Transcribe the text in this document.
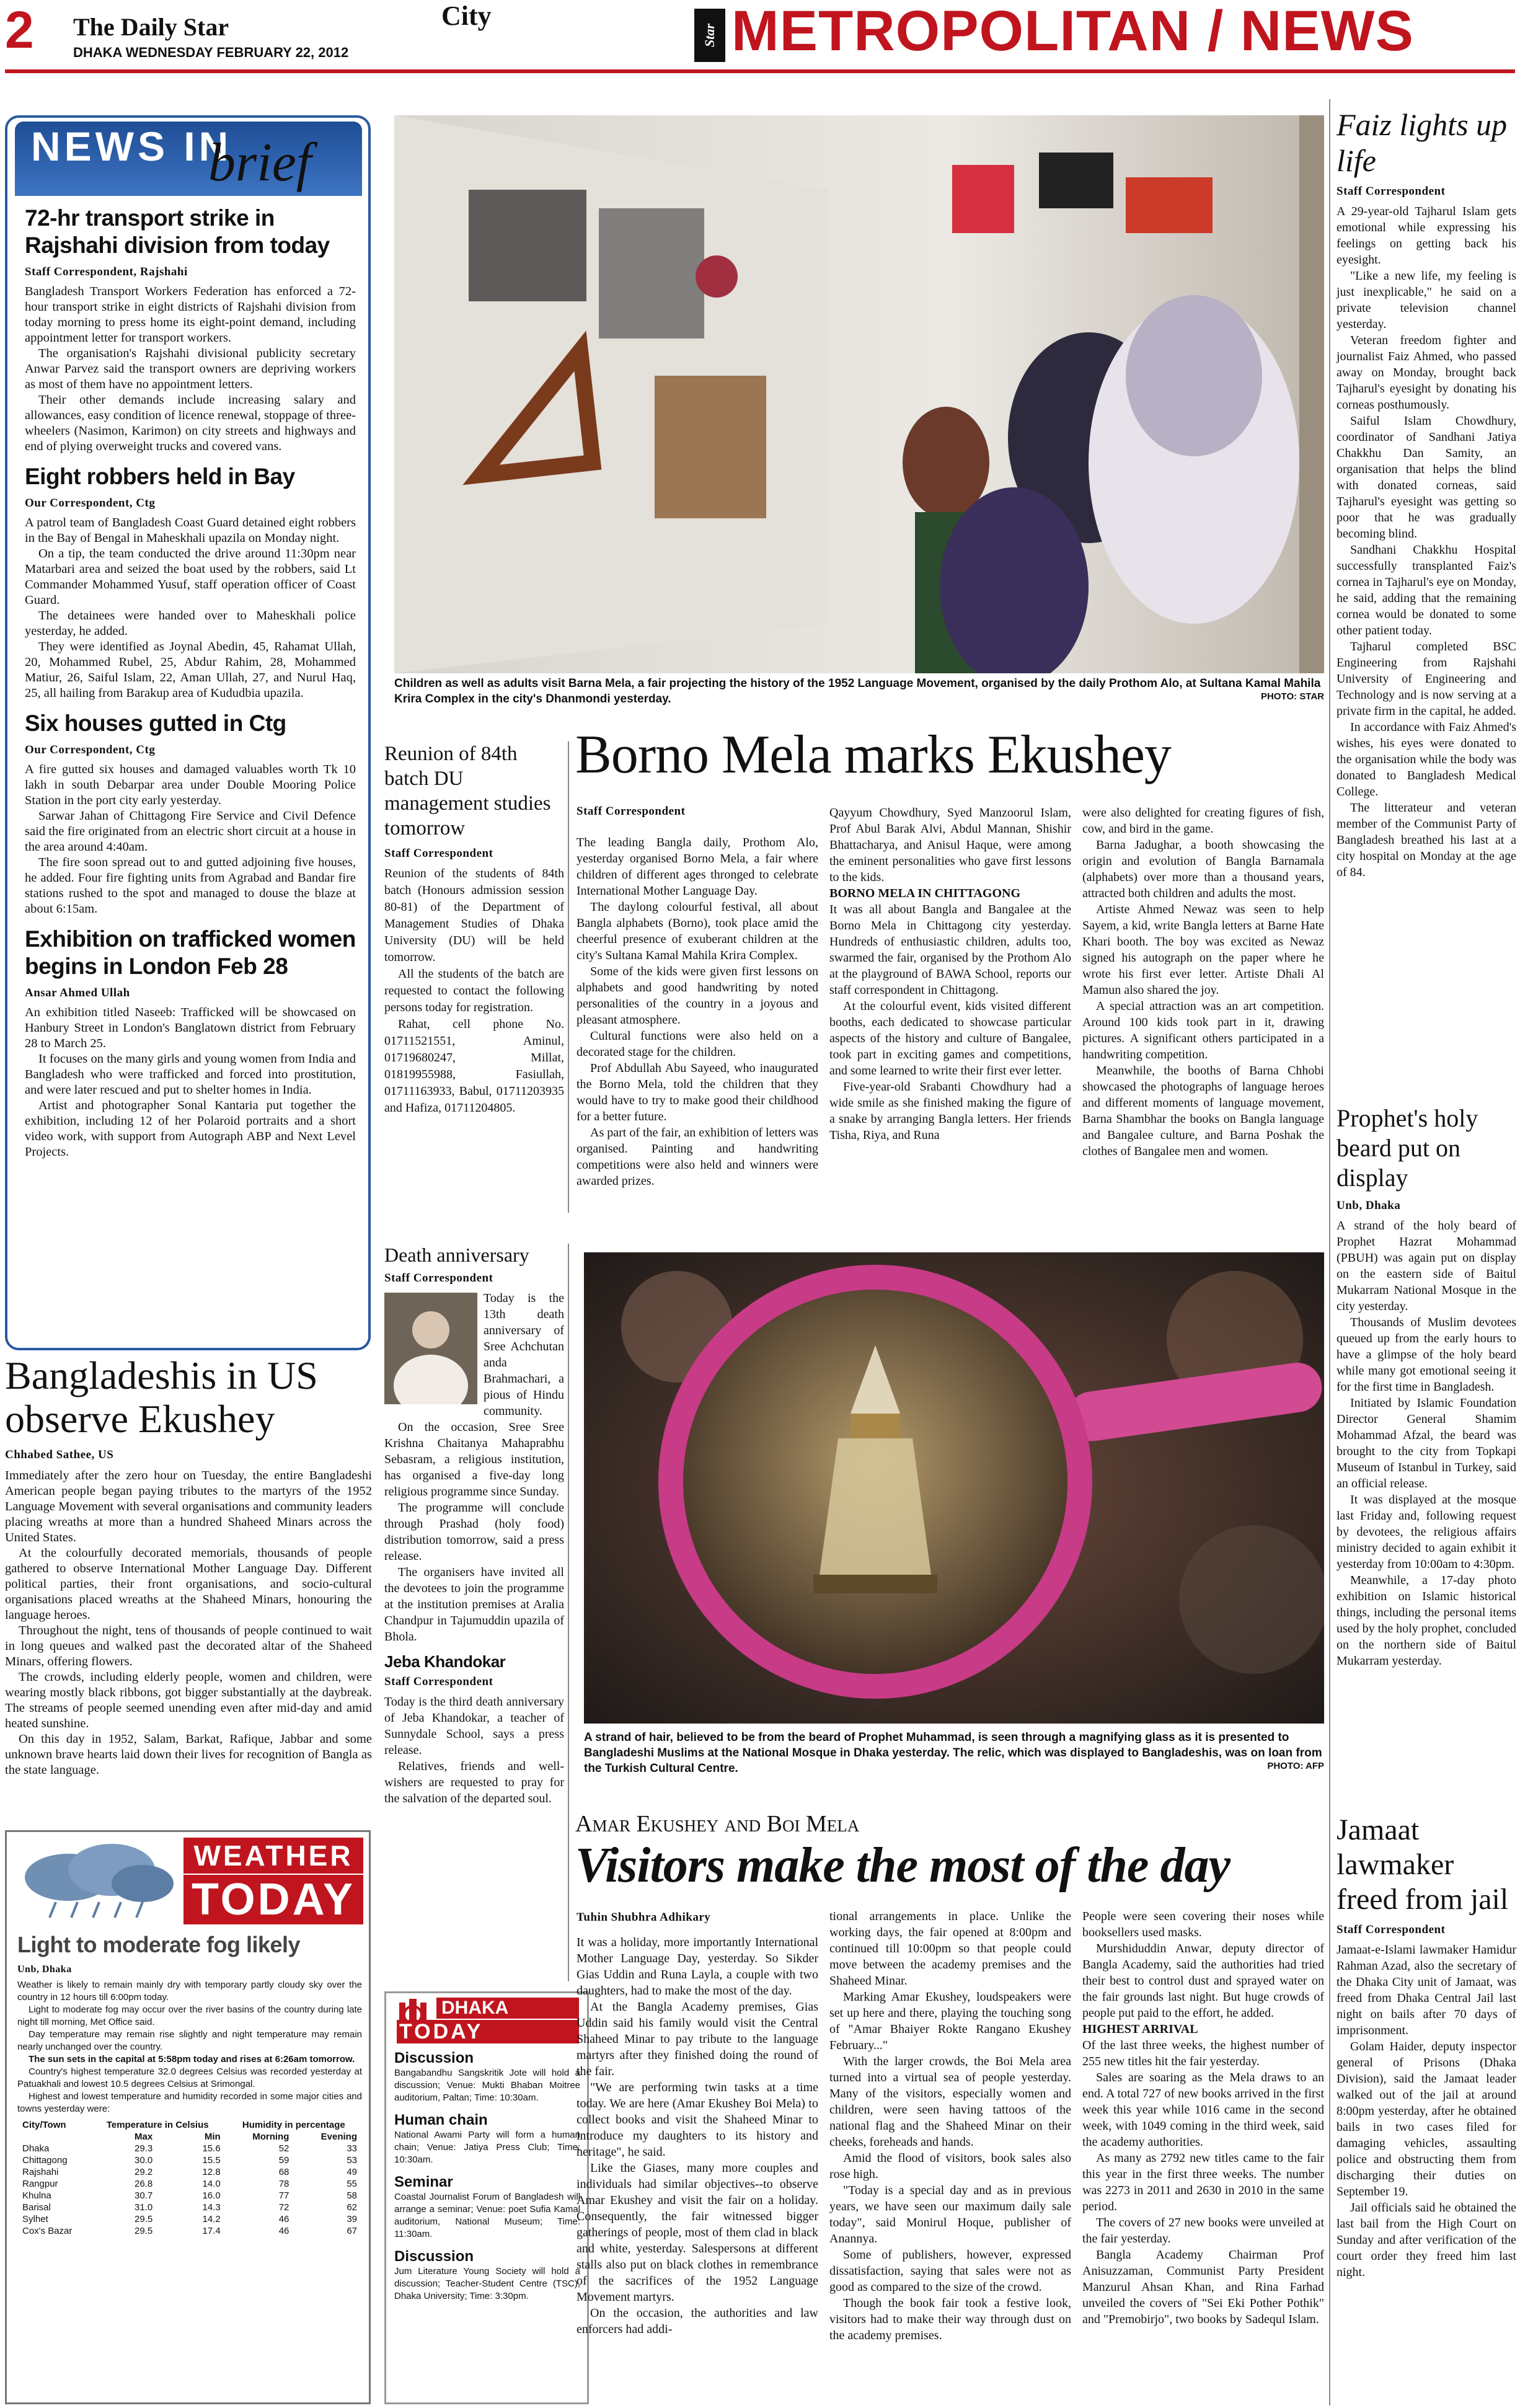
2 The Daily Star
DHAKA WEDNESDAY FEBRUARY 22, 2012
City
Star METROPOLITAN / NEWS
NEWS IN
brief
72-hr transport strike in Rajshahi division from today
Staff Correspondent, Rajshahi

Bangladesh Transport Workers Federation has enforced a 72-hour transport strike in eight districts of Rajshahi division from today morning to press home its eight-point demand, including appointment letter for transport workers.

The organisation's Rajshahi divisional publicity secretary Anwar Parvez said the transport owners are depriving workers as most of them have no appointment letters.

Their other demands include increasing salary and allowances, easy condition of licence renewal, stoppage of three-wheelers (Nasimon, Karimon) on city streets and highways and end of plying overweight trucks and covered vans.

Eight robbers held in Bay
Our Correspondent, Ctg

A patrol team of Bangladesh Coast Guard detained eight robbers in the Bay of Bengal in Maheskhali upazila on Monday night.

On a tip, the team conducted the drive around 11:30pm near Matarbari area and seized the boat used by the robbers, said Lt Commander Mohammed Yusuf, staff operation officer of Coast Guard.

The detainees were handed over to Maheskhali police yesterday, he added.

They were identified as Joynal Abedin, 45, Rahamat Ullah, 20, Mohammed Rubel, 25, Abdur Rahim, 28, Mohammed Matiur, 26, Saiful Islam, 22, Aman Ullah, 27, and Nurul Haq, 25, all hailing from Barakup area of Kududbia upazila.

Six houses gutted in Ctg
Our Correspondent, Ctg

A fire gutted six houses and damaged valuables worth Tk 10 lakh in south Debarpar area under Double Mooring Police Station in the port city early yesterday.

Sarwar Jahan of Chittagong Fire Service and Civil Defence said the fire originated from an electric short circuit at a house in the area around 4:40am.

The fire soon spread out to and gutted adjoining five houses, he added. Four fire fighting units from Agrabad and Bandar fire stations rushed to the spot and managed to douse the blaze at about 6:15am.

Exhibition on trafficked women begins in London Feb 28
Ansar Ahmed Ullah

An exhibition titled Naseeb: Trafficked will be showcased on Hanbury Street in London's Banglatown district from February 28 to March 25.

It focuses on the many girls and young women from India and Bangladesh who were trafficked and forced into prostitution, and were later rescued and put to shelter homes in India.

Artist and photographer Sonal Kantaria put together the exhibition, including 12 of her Polaroid portraits and a short video work, with support from Autograph ABP and Next Level Projects.

Bangladeshis in US observe Ekushey
Chhabed Sathee, US

Immediately after the zero hour on Tuesday, the entire Bangladeshi American people began paying tributes to the martyrs of the 1952 Language Movement with several organisations and community leaders placing wreaths at more than a hundred Shaheed Minars across the United States.

At the colourfully decorated memorials, thousands of people gathered to observe International Mother Language Day. Different political parties, their front organisations, and socio-cultural organisations placed wreaths at the Shaheed Minars, honouring the language heroes.

Throughout the night, tens of thousands of people continued to wait in long queues and walked past the decorated altar of the Shaheed Minars, offering flowers.

The crowds, including elderly people, women and children, were wearing mostly black ribbons, got bigger substantially at the daybreak. The streams of people seemed unending even after mid-day and amid heated sunshine.

On this day in 1952, Salam, Barkat, Rafique, Jabbar and some unknown brave hearts laid down their lives for recognition of Bangla as the state language.

WEATHER
TODAY
Light to moderate fog likely
Unb, Dhaka

Weather is likely to remain mainly dry with temporary partly cloudy sky over the country in 12 hours till 6:00pm today.

Light to moderate fog may occur over the river basins of the country during late night till morning, Met Office said.

Day temperature may remain rise slightly and night temperature may remain nearly unchanged over the country.

The sun sets in the capital at 5:58pm today and rises at 6:26am tomorrow.

Country's highest temperature 32.0 degrees Celsius was recorded yesterday at Patuakhali and lowest 10.5 degrees Celsius at Srimongal.

Highest and lowest temperature and humidity recorded in some major cities and towns yesterday were:

City/Town	Temperature in Celsius		Humidity in percentage	
	Max	Min	Morning	Evening
Dhaka	29.3	15.6	52	33
Chittagong	30.0	15.5	59	53
Rajshahi	29.2	12.8	68	49
Rangpur	26.8	14.0	78	55
Khulna	30.7	16.0	77	58
Barisal	31.0	14.3	72	62
Sylhet	29.5	14.2	46	39
Cox's Bazar	29.5	17.4	46	67
Children as well as adults visit Barna Mela, a fair projecting the history of the 1952 Language Movement, organised by the daily Prothom Alo, at Sultana Kamal Mahila Krira Complex in the city's Dhanmondi yesterday.	PHOTO: STAR
Reunion of 84th batch DU management studies tomorrow
Staff Correspondent

Reunion of the students of 84th batch (Honours admission session 80-81) of the Department of Management Studies of Dhaka University (DU) will be held tomorrow.

All the students of the batch are requested to contact the following persons today for registration.

Rahat, cell phone No. 01711521551, Aminul, 01719680247, Millat, 01819955988, Fasiullah, 01711163933, Babul, 01711203935 and Hafiza, 01711204805.

Borno Mela marks Ekushey
Staff Correspondent

The leading Bangla daily, Prothom Alo, yesterday organised Borno Mela, a fair where children of different ages thronged to celebrate International Mother Language Day.

The daylong colourful festival, all about Bangla alphabets (Borno), took place amid the cheerful presence of exuberant children at the city's Sultana Kamal Mahila Krira Complex.

Some of the kids were given first lessons on alphabets and good handwriting by noted personalities of the country in a joyous and pleasant atmosphere.

Cultural functions were also held on a decorated stage for the children.

Prof Abdullah Abu Sayeed, who inaugurated the Borno Mela, told the children that they would have to try to make good their childhood for a better future.

As part of the fair, an exhibition of letters was organised. Painting and handwriting competitions were also held and winners were awarded prizes.

Qayyum Chowdhury, Syed Manzoorul Islam, Prof Abul Barak Alvi, Abdul Mannan, Shishir Bhattacharya, and Anisul Haque, were among the eminent personalities who gave first lessons to the kids.

BORNO MELA IN CHITTAGONG

It was all about Bangla and Bangalee at the Borno Mela in Chittagong city yesterday. Hundreds of enthusiastic children, adults too, swarmed the fair, organised by the Prothom Alo at the playground of BAWA School, reports our staff correspondent in Chittagong.

At the colourful event, kids visited different booths, each dedicated to showcase particular aspects of the history and culture of Bangalee, took part in exciting games and competitions, and some learned to write their first ever letter.

Five-year-old Srabanti Chowdhury had a wide smile as she finished making the figure of a snake by arranging Bangla letters. Her friends Tisha, Riya, and Runa

were also delighted for creating figures of fish, cow, and bird in the game.

Barna Jadughar, a booth showcasing the origin and evolution of Bangla Barnamala (alphabets) over more than a thousand years, attracted both children and adults the most.

Artiste Ahmed Newaz was seen to help Sayem, a kid, write Bangla letters at Barne Hate Khari booth. The boy was excited as Newaz signed his autograph on the paper where he wrote his first ever letter. Artiste Dhali Al Mamun also shared the joy.

A special attraction was an art competition. Around 100 kids took part in it, drawing pictures. A significant others participated in a handwriting competition.

Meanwhile, the booths of Barna Chhobi showcased the photographs of language heroes and different moments of language movement, Barna Shambhar the books on Bangla language and Bangalee culture, and Barna Poshak the clothes of Bangalee men and women.

Death anniversary
Staff Correspondent

Today is the 13th death anniversary of Sree Achchutan anda Brahmachari, a pious of Hindu community.

On the occasion, Sree Sree Krishna Chaitanya Mahaprabhu Sebasram, a religious institution, has organised a five-day long religious programme since Sunday.

The programme will conclude through Prashad (holy food) distribution tomorrow, said a press release.

The organisers have invited all the devotees to join the programme at the institution premises at Aralia Chandpur in Tajumuddin upazila of Bhola.

Jeba Khandokar
Staff Correspondent

Today is the third death anniversary of Jeba Khandokar, a teacher of Sunnydale School, says a press release.

Relatives, friends and well-wishers are requested to pray for the salvation of the departed soul.

DHAKA
TODAY
Discussion
Bangabandhu Sangskritik Jote will hold a discussion; Venue: Mukti Bhaban Moitree auditorium, Paltan; Time: 10:30am.
Human chain
National Awami Party will form a human chain; Venue: Jatiya Press Club; Time: 10:30am.
Seminar
Coastal Journalist Forum of Bangladesh will arrange a seminar; Venue: poet Sufia Kamal auditorium, National Museum; Time: 11:30am.
Discussion
Jum Literature Young Society will hold a discussion; Teacher-Student Centre (TSC), Dhaka University; Time: 3:30pm.
A strand of hair, believed to be from the beard of Prophet Muhammad, is seen through a magnifying glass as it is presented to Bangladeshi Muslims at the National Mosque in Dhaka yesterday. The relic, which was displayed to Bangladeshis, was on loan from the Turkish Cultural Centre.	PHOTO: AFP
Amar Ekushey and Boi Mela
Visitors make the most of the day
Tuhin Shubhra Adhikary

It was a holiday, more importantly International Mother Language Day, yesterday. So Sikder Gias Uddin and Runa Layla, a couple with two daughters, had to make the most of the day.

At the Bangla Academy premises, Gias Uddin said his family would visit the Central Shaheed Minar to pay tribute to the language martyrs after they finished doing the round of the fair.

"We are performing twin tasks at a time today. We are here (Amar Ekushey Boi Mela) to collect books and visit the Shaheed Minar to introduce my daughters to its history and heritage", he said.

Like the Giases, many more couples and individuals had similar objectives--to observe Amar Ekushey and visit the fair on a holiday. Consequently, the fair witnessed bigger gatherings of people, most of them clad in black and white, yesterday. Salespersons at different stalls also put on black clothes in remembrance of the sacrifices of the 1952 Language Movement martyrs.

On the occasion, the authorities and law enforcers had addi-

tional arrangements in place. Unlike the working days, the fair opened at 8:00pm and continued till 10:00pm so that people could move between the academy premises and the Shaheed Minar.

Marking Amar Ekushey, loudspeakers were set up here and there, playing the touching song of "Amar Bhaiyer Rokte Rangano Ekushey February..."

With the larger crowds, the Boi Mela area turned into a virtual sea of people yesterday. Many of the visitors, especially women and children, were seen having tattoos of the national flag and the Shaheed Minar on their cheeks, foreheads and hands.

Amid the flood of visitors, book sales also rose high.

"Today is a special day and as in previous years, we have seen our maximum daily sale today", said Monirul Hoque, publisher of Anannya.

Some of publishers, however, expressed dissatisfaction, saying that sales were not as good as compared to the size of the crowd.

Though the book fair took a festive look, visitors had to make their way through dust on the academy premises.

People were seen covering their noses while booksellers used masks.

Murshiduddin Anwar, deputy director of Bangla Academy, said the authorities had tried their best to control dust and sprayed water on the fair grounds last night. But huge crowds of people put paid to the effort, he added.

HIGHEST ARRIVAL

Of the last three weeks, the highest number of 255 new titles hit the fair yesterday.

Sales are soaring as the Mela draws to an end. A total 727 of new books arrived in the first week this year while 1016 came in the second week, with 1049 coming in the third week, said the academy authorities.

As many as 2792 new titles came to the fair this year in the first three weeks. The number was 2273 in 2011 and 2630 in 2010 in the same period.

The covers of 27 new books were unveiled at the fair yesterday.

Bangla Academy Chairman Prof Anisuzzaman, Communist Party President Manzurul Ahsan Khan, and Rina Farhad unveiled the covers of "Sei Eki Pother Pothik" and "Premobirjo", two books by Sadequl Islam.

Faiz lights up life
Staff Correspondent

A 29-year-old Tajharul Islam gets emotional while expressing his feelings on getting back his eyesight.

"Like a new life, my feeling is just inexplicable," he said on a private television channel yesterday.

Veteran freedom fighter and journalist Faiz Ahmed, who passed away on Monday, brought back Tajharul's eyesight by donating his corneas posthumously.

Saiful Islam Chowdhury, coordinator of Sandhani Jatiya Chakkhu Dan Samity, an organisation that helps the blind with donated corneas, said Tajharul's eyesight was getting so poor that he was gradually becoming blind.

Sandhani Chakkhu Hospital successfully transplanted Faiz's cornea in Tajharul's eye on Monday, he said, adding that the remaining cornea would be donated to some other patient today.

Tajharul completed BSC Engineering from Rajshahi University of Engineering and Technology and is now serving at a private firm in the capital, he added.

In accordance with Faiz Ahmed's wishes, his eyes were donated to the organisation while the body was donated to Bangladesh Medical College.

The litterateur and veteran member of the Communist Party of Bangladesh breathed his last at a city hospital on Monday at the age of 84.

Prophet's holy beard put on display
Unb, Dhaka

A strand of the holy beard of Prophet Hazrat Mohammad (PBUH) was again put on display on the eastern side of Baitul Mukarram National Mosque in the city yesterday.

Thousands of Muslim devotees queued up from the early hours to have a glimpse of the holy beard while many got emotional seeing it for the first time in Bangladesh.

Initiated by Islamic Foundation Director General Shamim Mohammad Afzal, the beard was brought to the city from Topkapi Museum of Istanbul in Turkey, said an official release.

It was displayed at the mosque last Friday and, following request by devotees, the religious affairs ministry decided to again exhibit it yesterday from 10:00am to 4:30pm.

Meanwhile, a 17-day photo exhibition on Islamic historical things, including the personal items used by the holy prophet, concluded on the northern side of Baitul Mukarram yesterday.

Jamaat lawmaker freed from jail
Staff Correspondent

Jamaat-e-Islami lawmaker Hamidur Rahman Azad, also the secretary of the Dhaka City unit of Jamaat, was freed from Dhaka Central Jail last night on bails after 70 days of imprisonment.

Golam Haider, deputy inspector general of Prisons (Dhaka Division), said the Jamaat leader walked out of the jail at around 8:00pm yesterday, after he obtained bails in two cases filed for damaging vehicles, assaulting police and obstructing them from discharging their duties on September 19.

Jail officials said he obtained the last bail from the High Court on Sunday and after verification of the court order they freed him last night.
